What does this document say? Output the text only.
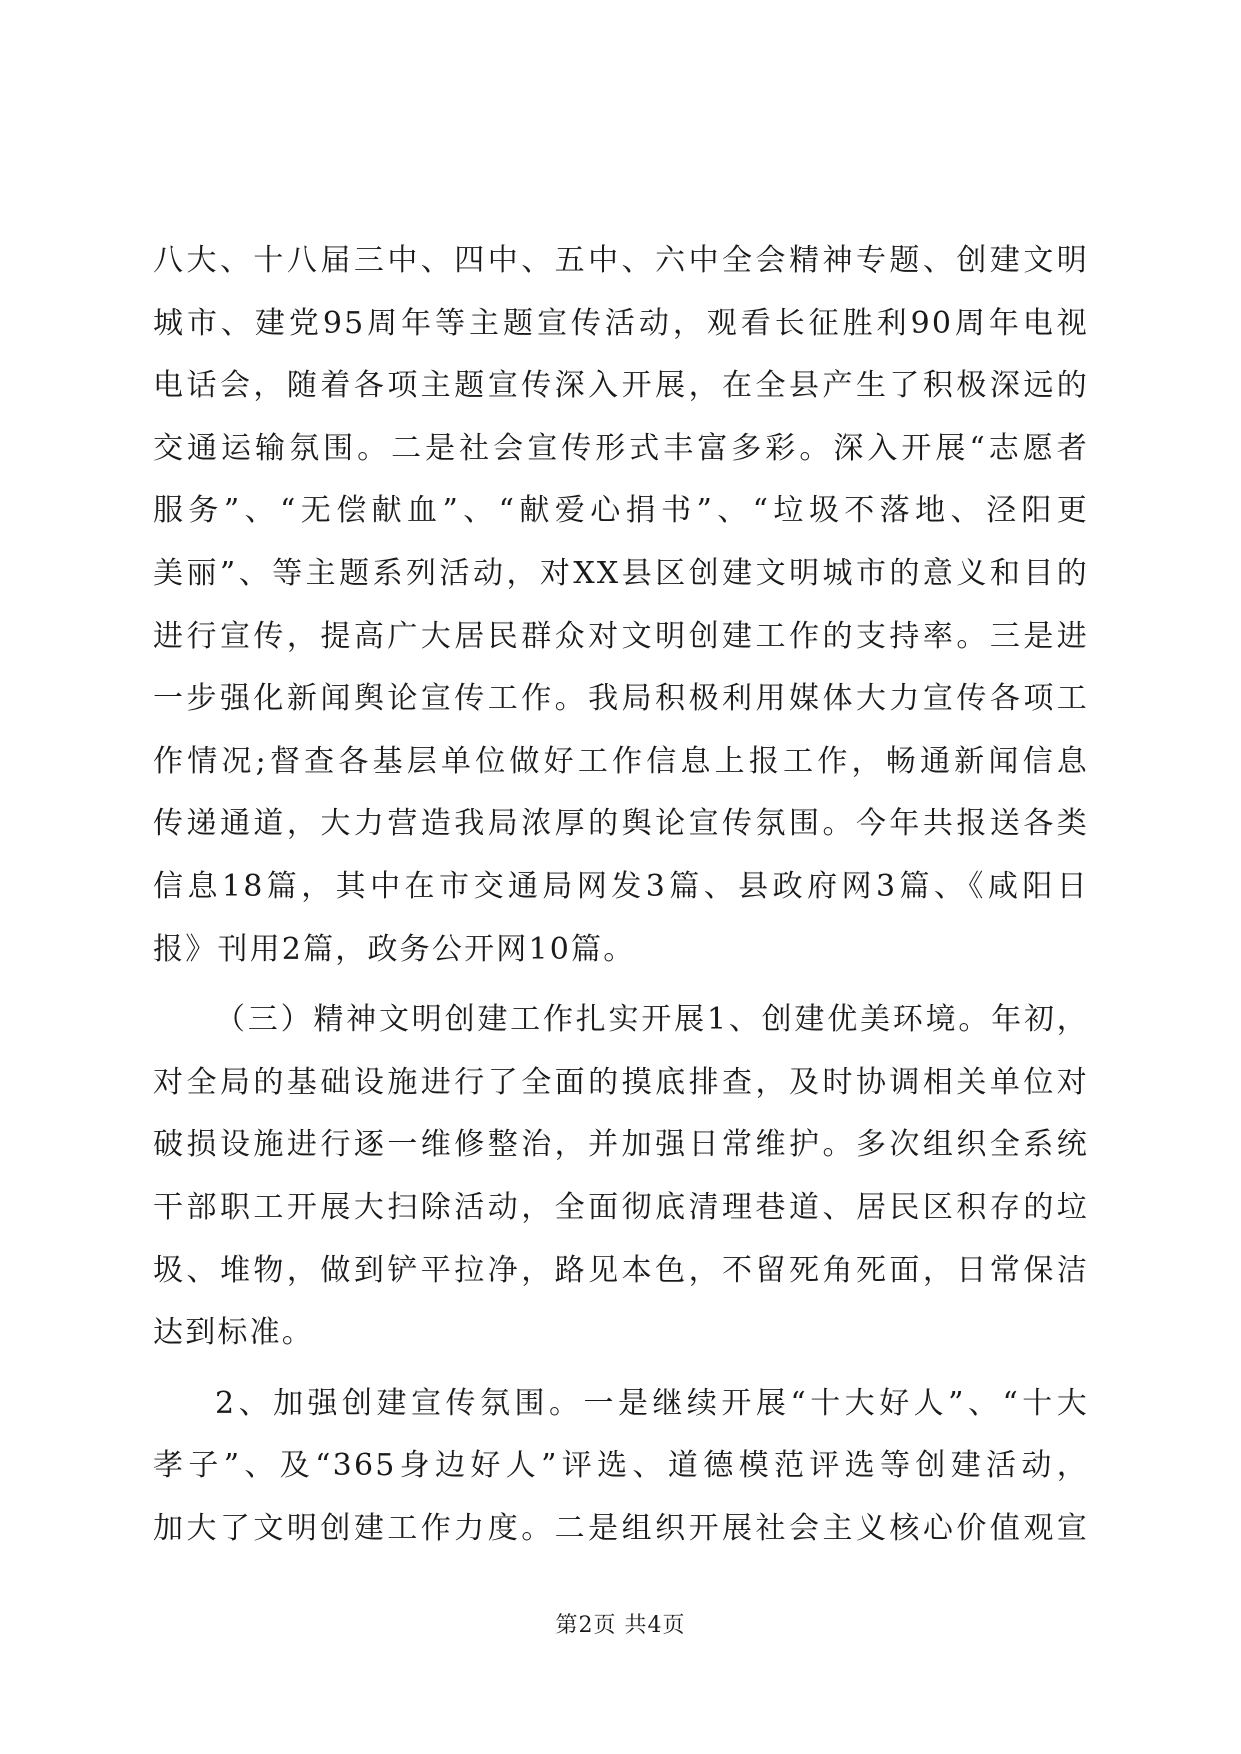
八大、十八届三中、四中、五中、六中全会精神专题、创建文明
城市、建党95周年等主题宣传活动，观看长征胜利90周年电视
电话会，随着各项主题宣传深入开展，在全县产生了积极深远的
交通运输氛围。二是社会宣传形式丰富多彩。深入开展“志愿者
服务”、“无偿献血”、“献爱心捐书”、“垃圾不落地、泾阳更
美丽”、等主题系列活动，对XX县区创建文明城市的意义和目的
进行宣传，提高广大居民群众对文明创建工作的支持率。三是进
一步强化新闻舆论宣传工作。我局积极利用媒体大力宣传各项工
作情况;督查各基层单位做好工作信息上报工作，畅通新闻信息
传递通道，大力营造我局浓厚的舆论宣传氛围。今年共报送各类
信息18篇，其中在市交通局网发3篇、县政府网3篇、《咸阳日
报》刊用2篇，政务公开网10篇。
（三）精神文明创建工作扎实开展1、创建优美环境。年初，
对全局的基础设施进行了全面的摸底排查，及时协调相关单位对
破损设施进行逐一维修整治，并加强日常维护。多次组织全系统
干部职工开展大扫除活动，全面彻底清理巷道、居民区积存的垃
圾、堆物，做到铲平拉净，路见本色，不留死角死面，日常保洁
达到标准。
2、加强创建宣传氛围。一是继续开展“十大好人”、“十大
孝子”、及“365身边好人”评选、道德模范评选等创建活动，
加大了文明创建工作力度。二是组织开展社会主义核心价值观宣
第2页 共4页
